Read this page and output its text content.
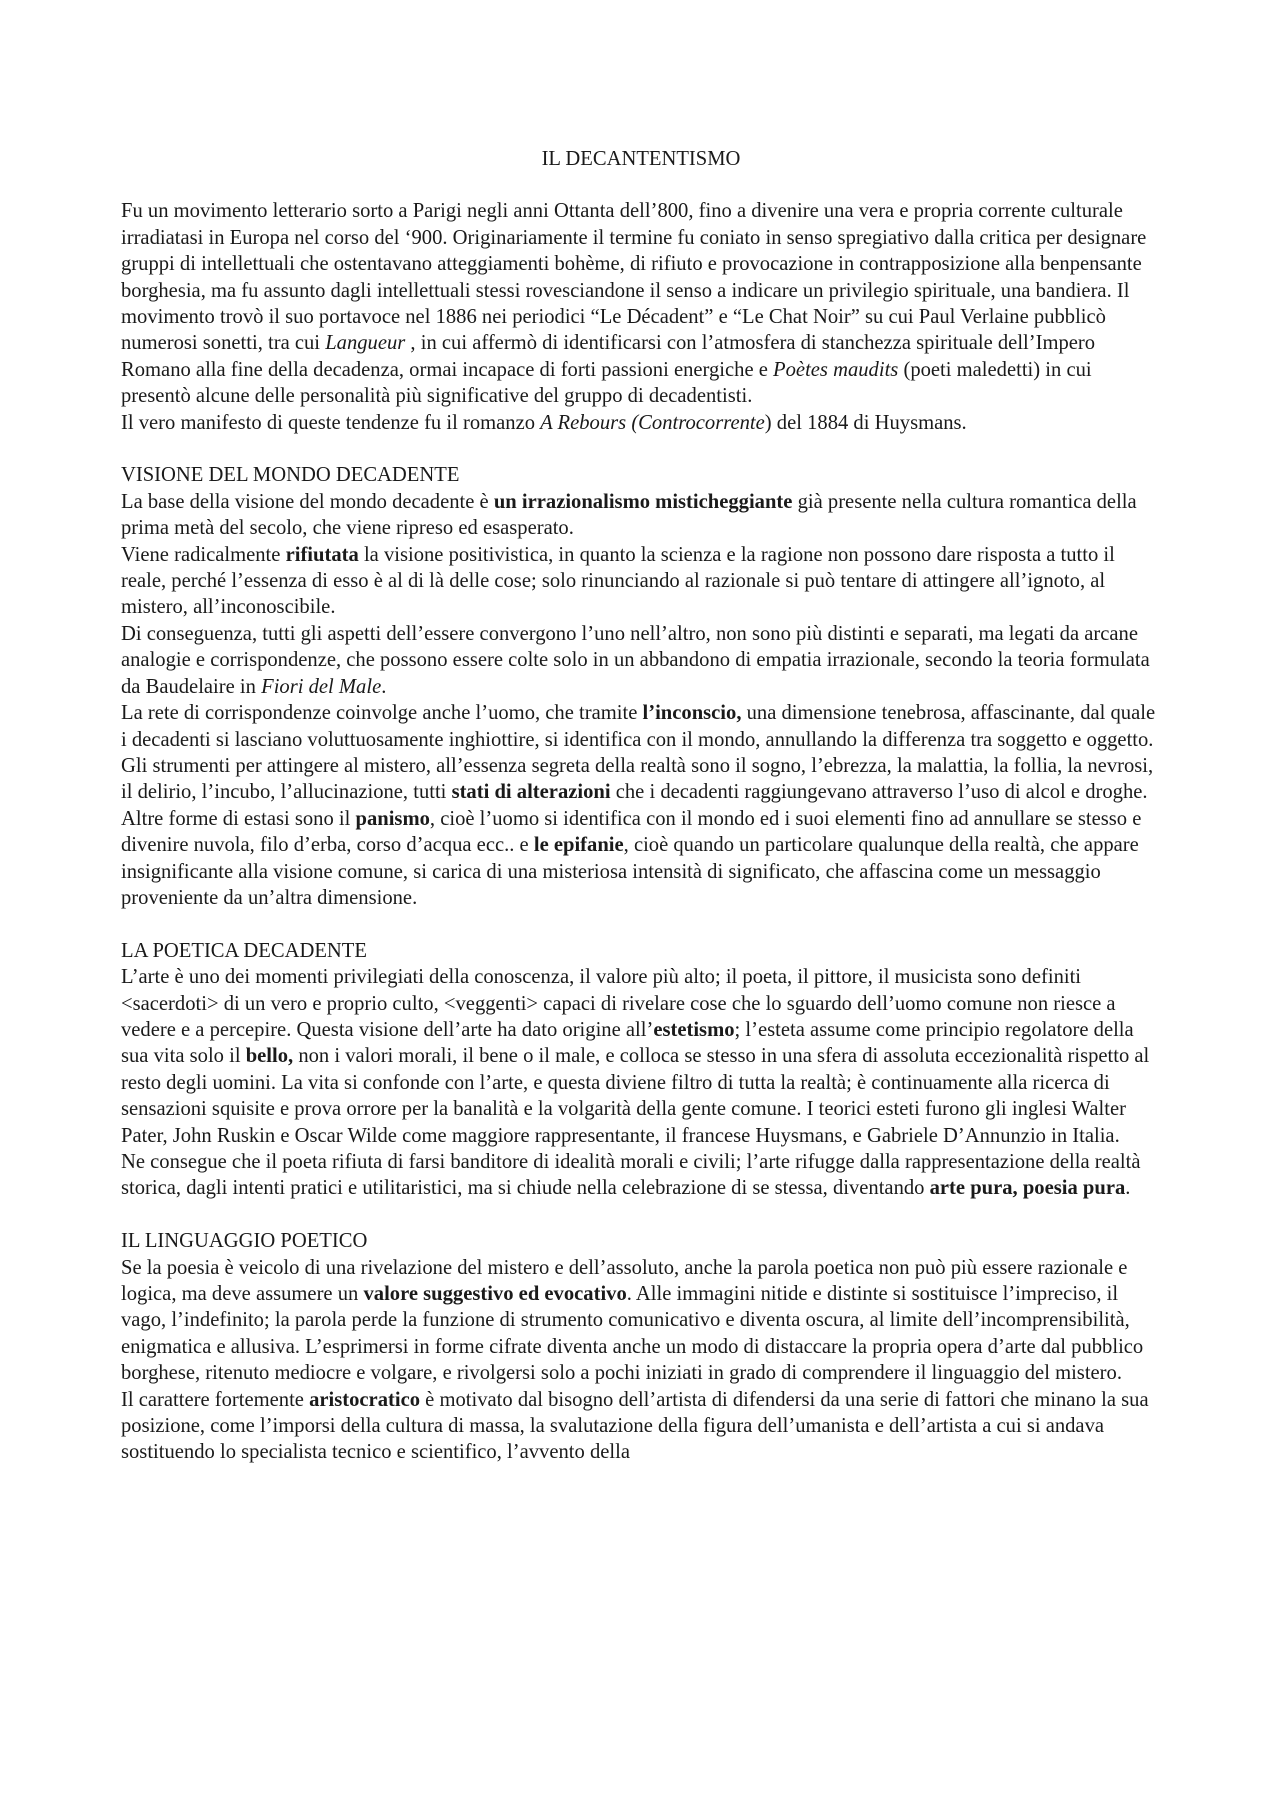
IL DECANTENTISMO

Fu un movimento letterario sorto a Parigi negli anni Ottanta dell’800, fino a divenire una vera e propria corrente culturale irradiatasi in Europa nel corso del ‘900. Originariamente il termine fu coniato in senso spregiativo dalla critica per designare gruppi di intellettuali che ostentavano atteggiamenti bohème, di rifiuto e provocazione in contrapposizione alla benpensante borghesia, ma fu assunto dagli intellettuali stessi rovesciandone il senso a indicare un privilegio spirituale, una bandiera. Il movimento trovò il suo portavoce nel 1886 nei periodici “Le Décadent” e “Le Chat Noir” su cui Paul Verlaine pubblicò numerosi sonetti, tra cui Langueur , in cui affermò di identificarsi con l’atmosfera di stanchezza spirituale dell’Impero Romano alla fine della decadenza, ormai incapace di forti passioni energiche e Poètes maudits (poeti maledetti) in cui presentò alcune delle personalità più significative del gruppo di decadentisti.

Il vero manifesto di queste tendenze fu il romanzo A Rebours (Controcorrente) del 1884 di Huysmans.

VISIONE DEL MONDO DECADENTE

La base della visione del mondo decadente è un irrazionalismo misticheggiante già presente nella cultura romantica della prima metà del secolo, che viene ripreso ed esasperato.

Viene radicalmente rifiutata la visione positivistica, in quanto la scienza e la ragione non possono dare risposta a tutto il reale, perché l’essenza di esso è al di là delle cose; solo rinunciando al razionale si può tentare di attingere all’ignoto, al mistero, all’inconoscibile.

Di conseguenza, tutti gli aspetti dell’essere convergono l’uno nell’altro, non sono più distinti e separati, ma legati da arcane analogie e corrispondenze, che possono essere colte solo in un abbandono di empatia irrazionale, secondo la teoria formulata da Baudelaire in Fiori del Male.

La rete di corrispondenze coinvolge anche l’uomo, che tramite l’inconscio, una dimensione tenebrosa, affascinante, dal quale i decadenti si lasciano voluttuosamente inghiottire, si identifica con il mondo, annullando la differenza tra soggetto e oggetto.

Gli strumenti per attingere al mistero, all’essenza segreta della realtà sono il sogno, l’ebrezza, la malattia, la follia, la nevrosi, il delirio, l’incubo, l’allucinazione, tutti stati di alterazioni che i decadenti raggiungevano attraverso l’uso di alcol e droghe.

Altre forme di estasi sono il panismo, cioè l’uomo si identifica con il mondo ed i suoi elementi fino ad annullare se stesso e divenire nuvola, filo d’erba, corso d’acqua ecc.. e le epifanie, cioè quando un particolare qualunque della realtà, che appare insignificante alla visione comune, si carica di una misteriosa intensità di significato, che affascina come un messaggio proveniente da un’altra dimensione.

LA POETICA DECADENTE

L’arte è uno dei momenti privilegiati della conoscenza, il valore più alto; il poeta, il pittore, il musicista sono definiti <sacerdoti> di un vero e proprio culto, <veggenti> capaci di rivelare cose che lo sguardo dell’uomo comune non riesce a vedere e a percepire. Questa visione dell’arte ha dato origine all’estetismo; l’esteta assume come principio regolatore della sua vita solo il bello, non i valori morali, il bene o il male, e colloca se stesso in una sfera di assoluta eccezionalità rispetto al resto degli uomini. La vita si confonde con l’arte, e questa diviene filtro di tutta la realtà; è continuamente alla ricerca di sensazioni squisite e prova orrore per la banalità e la volgarità della gente comune. I teorici esteti furono gli inglesi Walter Pater, John Ruskin e Oscar Wilde come maggiore rappresentante, il francese Huysmans, e Gabriele D’Annunzio in Italia.

Ne consegue che il poeta rifiuta di farsi banditore di idealità morali e civili; l’arte rifugge dalla rappresentazione della realtà storica, dagli intenti pratici e utilitaristici, ma si chiude nella celebrazione di se stessa, diventando arte pura, poesia pura.

IL LINGUAGGIO POETICO

Se la poesia è veicolo di una rivelazione del mistero e dell’assoluto, anche la parola poetica non può più essere razionale e logica, ma deve assumere un valore suggestivo ed evocativo. Alle immagini nitide e distinte si sostituisce l’impreciso, il vago, l’indefinito; la parola perde la funzione di strumento comunicativo e diventa oscura, al limite dell’incomprensibilità, enigmatica e allusiva. L’esprimersi in forme cifrate diventa anche un modo di distaccare la propria opera d’arte dal pubblico borghese, ritenuto mediocre e volgare, e rivolgersi solo a pochi iniziati in grado di comprendere il linguaggio del mistero.

Il carattere fortemente aristocratico è motivato dal bisogno dell’artista di difendersi da una serie di fattori che minano la sua posizione, come l’imporsi della cultura di massa, la svalutazione della figura dell’umanista e dell’artista a cui si andava sostituendo lo specialista tecnico e scientifico, l’avvento della
